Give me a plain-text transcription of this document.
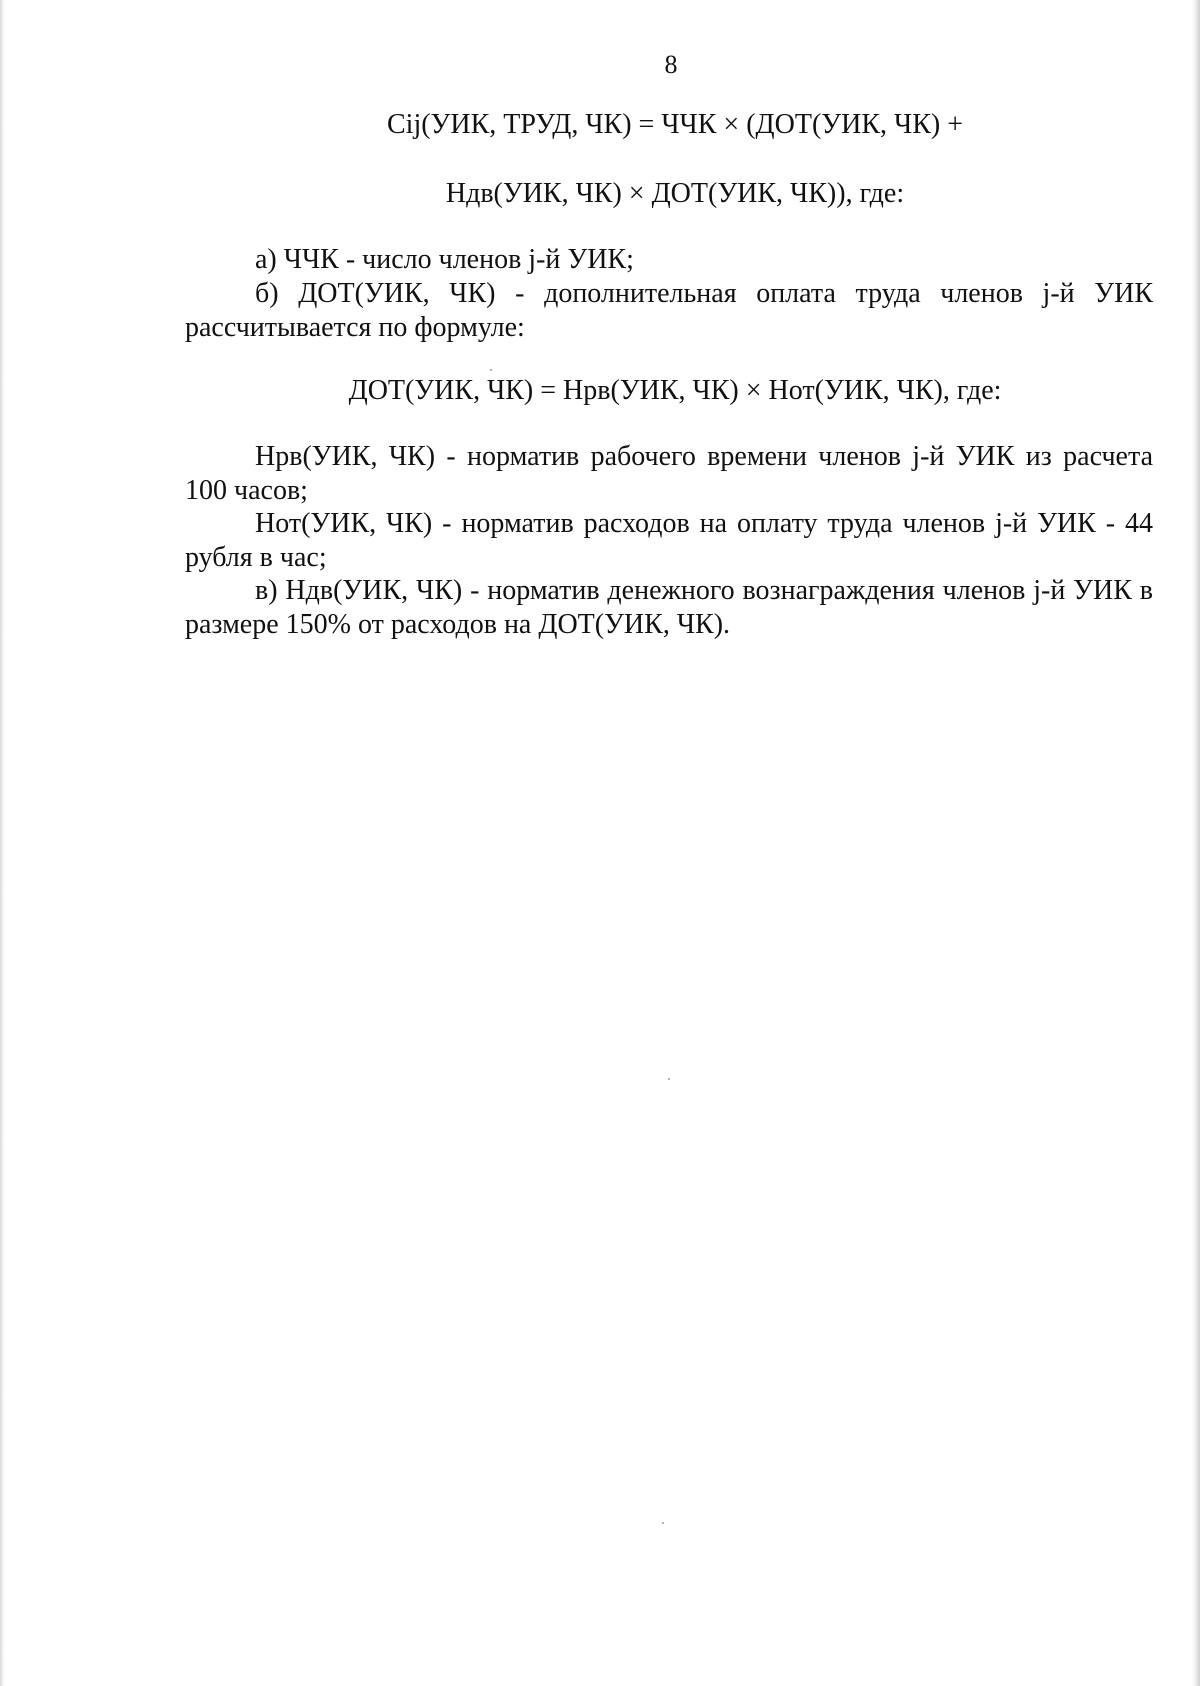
8
Cij(УИК, ТРУД, ЧК) = ЧЧК × (ДОТ(УИК, ЧК) +
Hдв(УИК, ЧК) × ДОТ(УИК, ЧК)), где:
а) ЧЧК - число членов j-й УИК;
б) ДОТ(УИК, ЧК) - дополнительная оплата труда членов j-й УИК рассчитывается по формуле:
ДОТ(УИК, ЧК) = Нрв(УИК, ЧК) × Нот(УИК, ЧК), где:
Нрв(УИК, ЧК) - норматив рабочего времени членов j-й УИК из расчета 100 часов;
Нот(УИК, ЧК) - норматив расходов на оплату труда членов j-й УИК - 44 рубля в час;
в) Ндв(УИК, ЧК) - норматив денежного вознаграждения членов j-й УИК в размере 150% от расходов на ДОТ(УИК, ЧК).
